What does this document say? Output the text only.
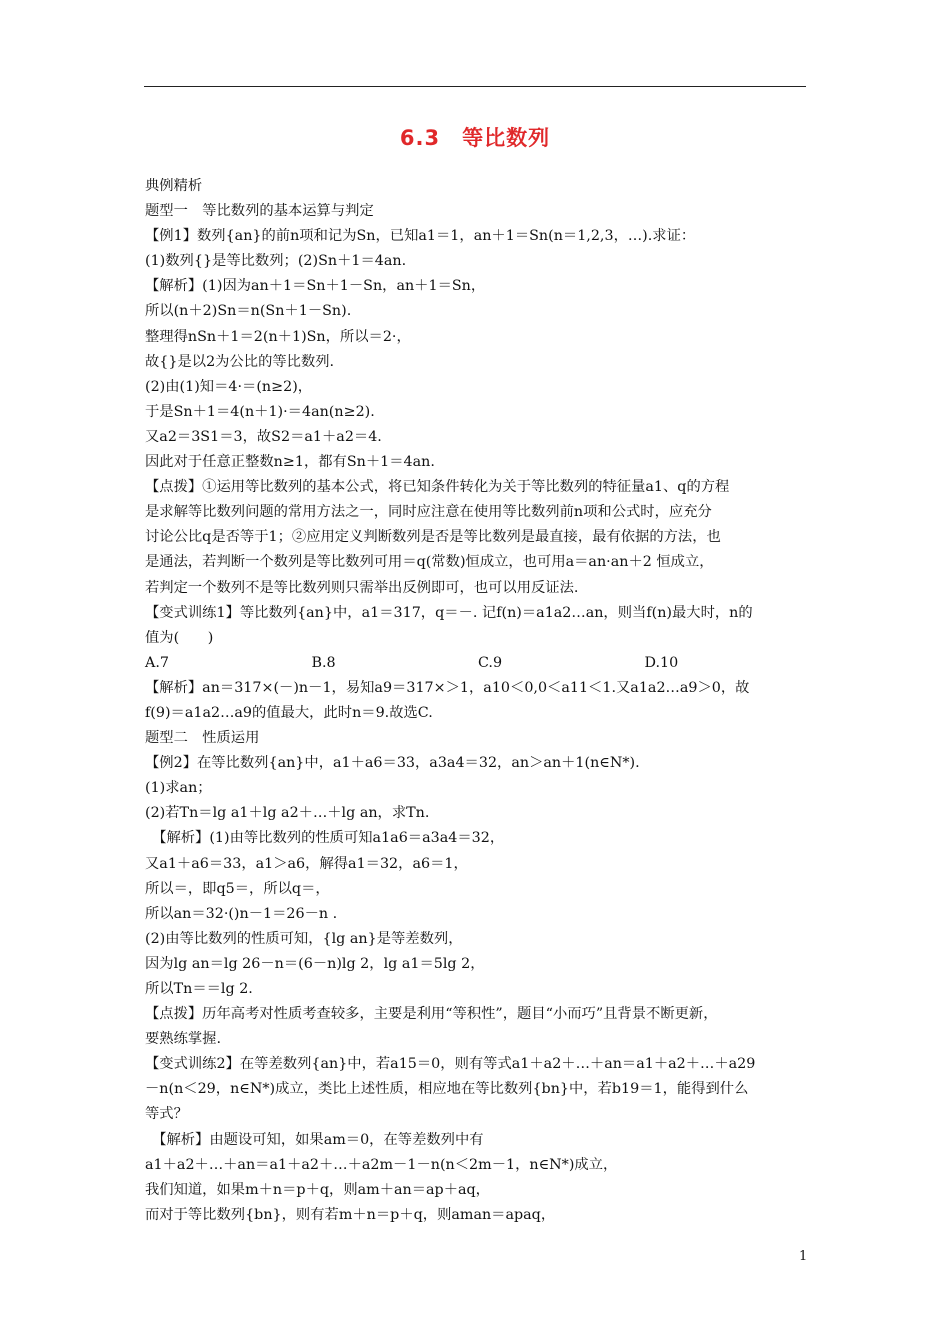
6.3　等比数列
典例精析
题型一　等比数列的基本运算与判定
【例1】数列{an}的前n项和记为Sn，已知a1＝1，an＋1＝Sn(n＝1,2,3，…).求证：
(1)数列{}是等比数列；(2)Sn＋1＝4an.
【解析】(1)因为an＋1＝Sn＋1－Sn，an＋1＝Sn，
所以(n＋2)Sn＝n(Sn＋1－Sn).
整理得nSn＋1＝2(n＋1)Sn，所以＝2·，
故{}是以2为公比的等比数列.
(2)由(1)知＝4·＝(n≥2)，
于是Sn＋1＝4(n＋1)·＝4an(n≥2).
又a2＝3S1＝3，故S2＝a1＋a2＝4.
因此对于任意正整数n≥1，都有Sn＋1＝4an.
【点拨】①运用等比数列的基本公式，将已知条件转化为关于等比数列的特征量a1、q的方程
是求解等比数列问题的常用方法之一，同时应注意在使用等比数列前n项和公式时，应充分
讨论公比q是否等于1；②应用定义判断数列是否是等比数列是最直接，最有依据的方法，也
是通法，若判断一个数列是等比数列可用＝q(常数)恒成立，也可用a＝an·an＋2 恒成立，
若判定一个数列不是等比数列则只需举出反例即可，也可以用反证法.
【变式训练1】等比数列{an}中，a1＝317，q＝－. 记f(n)＝a1a2…an，则当f(n)最大时，n的
值为(　　)
A.7	B.8	C.9	D.10
【解析】an＝317×(－)n－1，易知a9＝317×＞1，a10＜0,0＜a11＜1.又a1a2…a9＞0，故
f(9)＝a1a2…a9的值最大，此时n＝9.故选C.
题型二　性质运用
【例2】在等比数列{an}中，a1＋a6＝33，a3a4＝32，an＞an＋1(n∈N*).
(1)求an；
(2)若Tn＝lg a1＋lg a2＋…＋lg an，求Tn.
　【解析】(1)由等比数列的性质可知a1a6＝a3a4＝32，
又a1＋a6＝33，a1＞a6，解得a1＝32，a6＝1，
所以＝，即q5＝，所以q＝，
所以an＝32·()n－1＝26－n .
(2)由等比数列的性质可知，{lg an}是等差数列，
因为lg an＝lg 26－n＝(6－n)lg 2，lg a1＝5lg 2，
所以Tn＝＝lg 2.
【点拨】历年高考对性质考查较多，主要是利用“等积性”，题目“小而巧”且背景不断更新，
要熟练掌握.
【变式训练2】在等差数列{an}中，若a15＝0，则有等式a1＋a2＋…＋an＝a1＋a2＋…＋a29
－n(n＜29，n∈N*)成立，类比上述性质，相应地在等比数列{bn}中，若b19＝1，能得到什么
等式？
　【解析】由题设可知，如果am＝0，在等差数列中有
a1＋a2＋…＋an＝a1＋a2＋…＋a2m－1－n(n＜2m－1，n∈N*)成立，
我们知道，如果m＋n＝p＋q，则am＋an＝ap＋aq，
而对于等比数列{bn}，则有若m＋n＝p＋q，则aman＝apaq，
1
